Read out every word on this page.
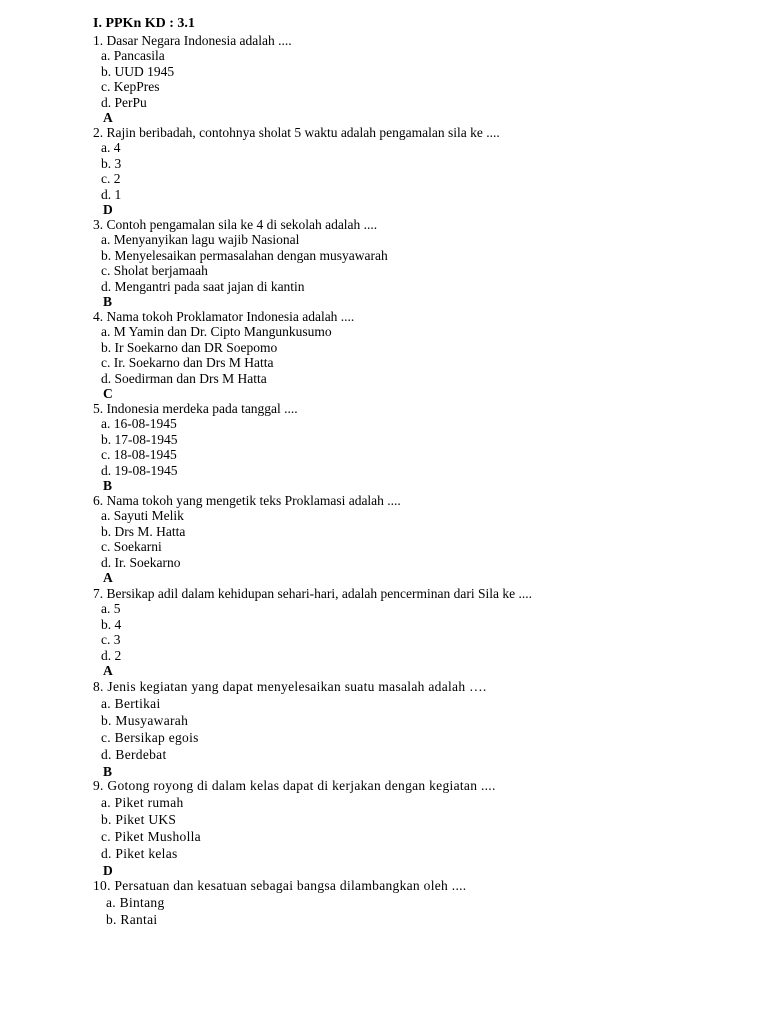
I. PPKn KD : 3.1
1. Dasar Negara Indonesia adalah ....
a. Pancasila
b. UUD 1945
c. KepPres
d. PerPu
A
2. Rajin beribadah, contohnya sholat 5 waktu adalah pengamalan sila ke ....
a. 4
b. 3
c. 2
d. 1
D
3. Contoh pengamalan sila ke 4 di sekolah adalah ....
a. Menyanyikan lagu wajib Nasional
b. Menyelesaikan permasalahan dengan musyawarah
c. Sholat berjamaah
d. Mengantri pada saat jajan di kantin
B
4. Nama tokoh Proklamator Indonesia adalah ....
a. M Yamin dan Dr. Cipto Mangunkusumo
b. Ir Soekarno dan DR Soepomo
c. Ir. Soekarno dan Drs M Hatta
d. Soedirman dan Drs M Hatta
C
5. Indonesia merdeka pada tanggal ....
a. 16-08-1945
b. 17-08-1945
c. 18-08-1945
d. 19-08-1945
B
6. Nama tokoh yang mengetik teks Proklamasi adalah ....
a. Sayuti Melik
b. Drs M. Hatta
c. Soekarni
d. Ir. Soekarno
A
7. Bersikap adil dalam kehidupan sehari-hari, adalah pencerminan dari Sila ke ....
a. 5
b. 4
c. 3
d. 2
A
8. Jenis kegiatan yang dapat menyelesaikan suatu masalah adalah ….
a. Bertikai
b. Musyawarah
c. Bersikap egois
d. Berdebat
B
9. Gotong royong di dalam kelas dapat di kerjakan dengan kegiatan ....
a. Piket rumah
b. Piket UKS
c. Piket Musholla
d. Piket kelas
D
10. Persatuan dan kesatuan sebagai bangsa dilambangkan oleh ....
a. Bintang
b. Rantai
